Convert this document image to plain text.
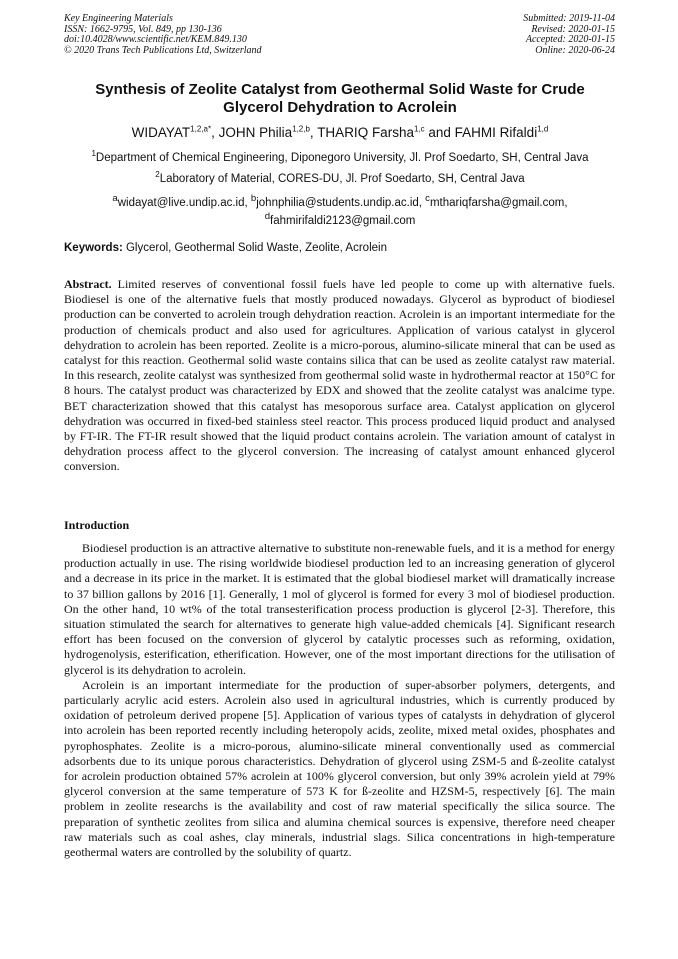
Key Engineering Materials
ISSN: 1662-9795, Vol. 849, pp 130-136
doi:10.4028/www.scientific.net/KEM.849.130
© 2020 Trans Tech Publications Ltd, Switzerland
Submitted: 2019-11-04
Revised: 2020-01-15
Accepted: 2020-01-15
Online: 2020-06-24
Synthesis of Zeolite Catalyst from Geothermal Solid Waste for Crude
Glycerol Dehydration to Acrolein
$WIDAYAT^{1,2,a*}$, JOHN Philia$^{1,2,b}$, THARIQ Farsha$^{1,c}$ and FAHMI Rifaldi$^{1,d}$
$^1$Department of Chemical Engineering, Diponegoro University, Jl. Prof Soedarto, SH, Central Java
$^2$Laboratory of Material, CORES-DU, Jl. Prof Soedarto, SH, Central Java
$^a$widayat@live.undip.ac.id, $^b$johnphilia@students.undip.ac.id, $^c$mthariqfarsha@gmail.com,
$^d$fahmirifaldi2123@gmail.com
Keywords: Glycerol, Geothermal Solid Waste, Zeolite, Acrolein
Abstract. Limited reserves of conventional fossil fuels have led people to come up with alternative fuels. Biodiesel is one of the alternative fuels that mostly produced nowadays. Glycerol as byproduct of biodiesel production can be converted to acrolein trough dehydration reaction. Acrolein is an important intermediate for the production of chemicals product and also used for agricultures. Application of various catalyst in glycerol dehydration to acrolein has been reported. Zeolite is a micro-porous, alumino-silicate mineral that can be used as catalyst for this reaction. Geothermal solid waste contains silica that can be used as zeolite catalyst raw material. In this research, zeolite catalyst was synthesized from geothermal solid waste in hydrothermal reactor at 150°C for 8 hours. The catalyst product was characterized by EDX and showed that the zeolite catalyst was analcime type. BET characterization showed that this catalyst has mesoporous surface area. Catalyst application on glycerol dehydration was occurred in fixed-bed stainless steel reactor. This process produced liquid product and analysed by FT-IR. The FT-IR result showed that the liquid product contains acrolein. The variation amount of catalyst in dehydration process affect to the glycerol conversion. The increasing of catalyst amount enhanced glycerol conversion.
Introduction

Biodiesel production is an attractive alternative to substitute non-renewable fuels, and it is a method for energy production actually in use. The rising worldwide biodiesel production led to an increasing generation of glycerol and a decrease in its price in the market. It is estimated that the global biodiesel market will dramatically increase to 37 billion gallons by 2016 [1]. Generally, 1 mol of glycerol is formed for every 3 mol of biodiesel production. On the other hand, 10 wt% of the total transesterification process production is glycerol [2-3]. Therefore, this situation stimulated the search for alternatives to generate high value-added chemicals [4]. Significant research effort has been focused on the conversion of glycerol by catalytic processes such as reforming, oxidation, hydrogenolysis, esterification, etherification. However, one of the most important directions for the utilisation of glycerol is its dehydration to acrolein.

Acrolein is an important intermediate for the production of super-absorber polymers, detergents, and particularly acrylic acid esters. Acrolein also used in agricultural industries, which is currently produced by oxidation of petroleum derived propene [5]. Application of various types of catalysts in dehydration of glycerol into acrolein has been reported recently including heteropoly acids, zeolite, mixed metal oxides, phosphates and pyrophosphates. Zeolite is a micro-porous, alumino-silicate mineral conventionally used as commercial adsorbents due to its unique porous characteristics. Dehydration of glycerol using ZSM-5 and ß-zeolite catalyst for acrolein production obtained 57% acrolein at 100% glycerol conversion, but only 39% acrolein yield at 79% glycerol conversion at the same temperature of 573 K for ß-zeolite and HZSM-5, respectively [6]. The main problem in zeolite researchs is the availability and cost of raw material specifically the silica source. The preparation of synthetic zeolites from silica and alumina chemical sources is expensive, therefore need cheaper raw materials such as coal ashes, clay minerals, industrial slags. Silica concentrations in high-temperature geothermal waters are controlled by the solubility of quartz.
